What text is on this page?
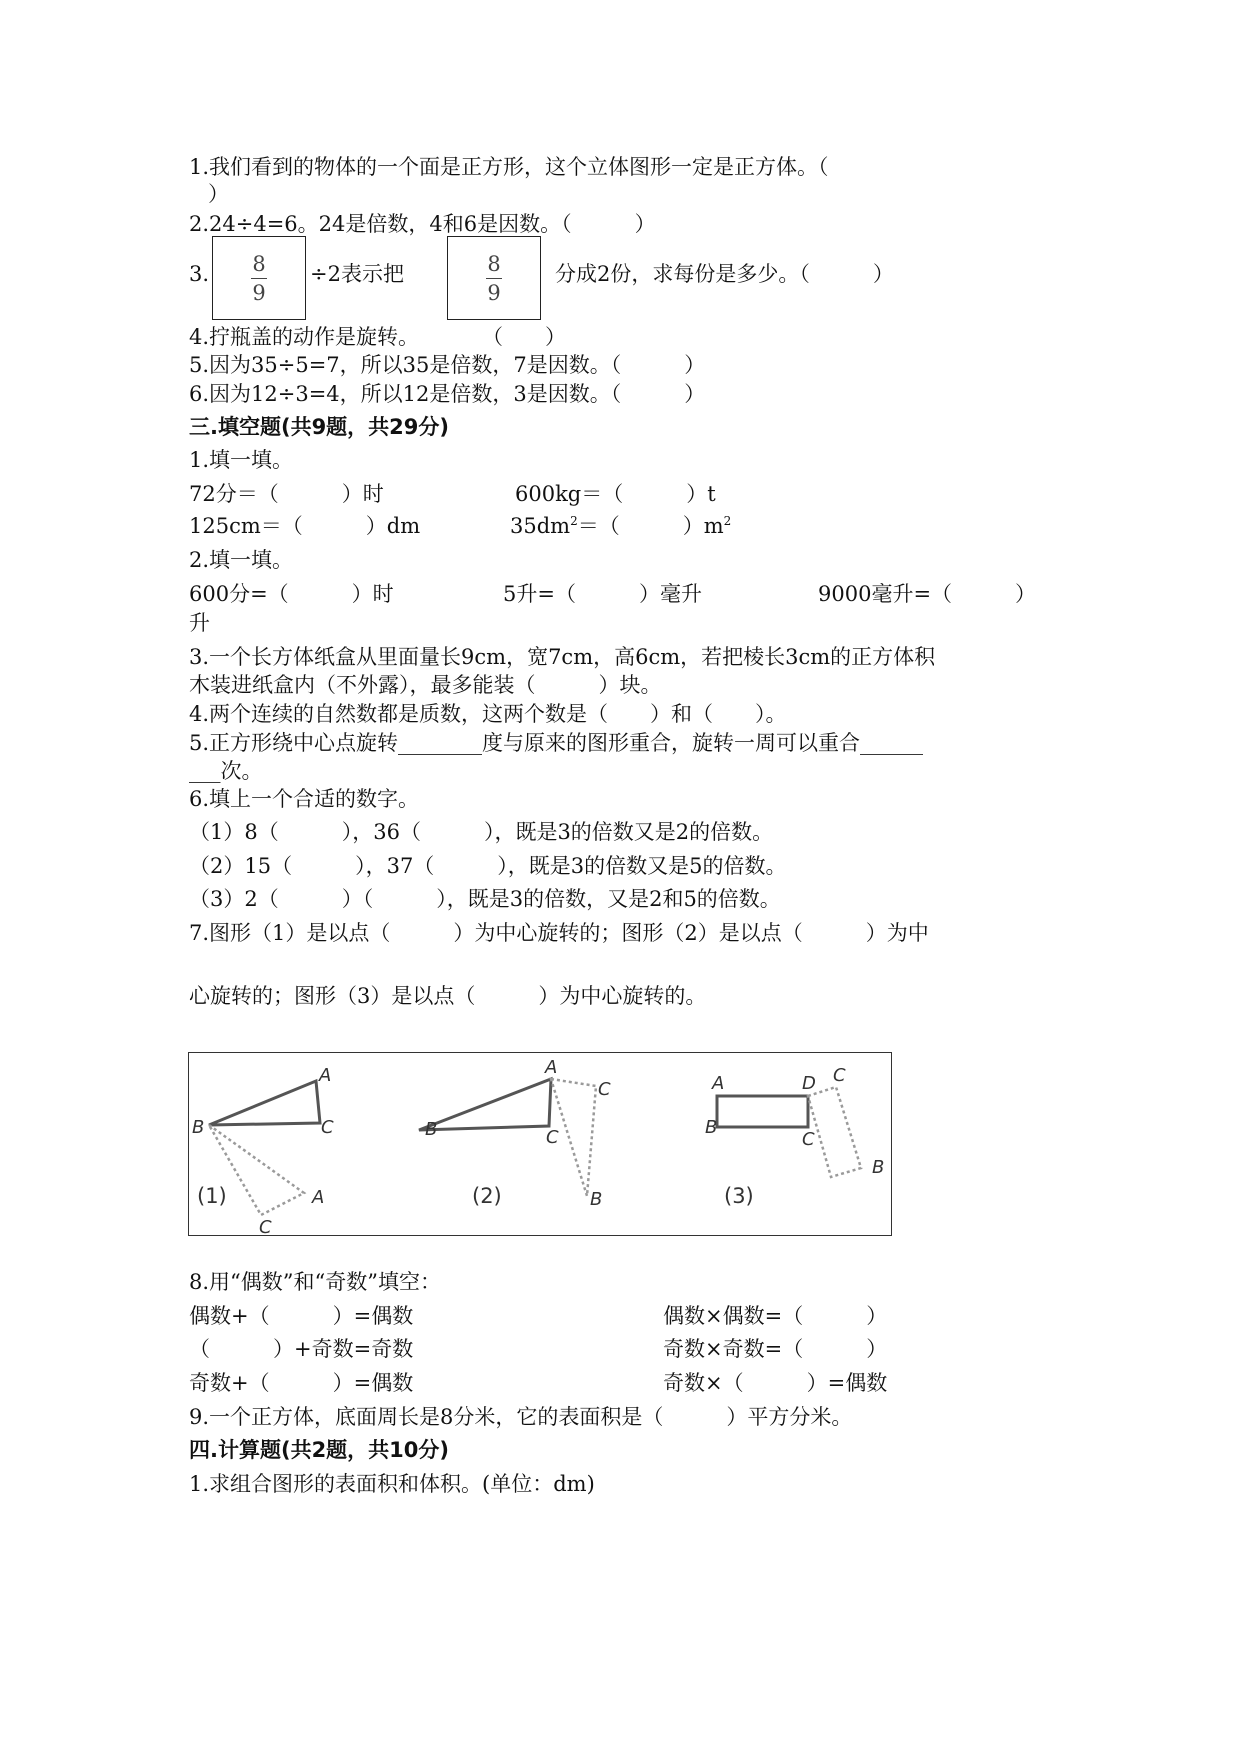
1.我们看到的物体的一个面是正方形，这个立体图形一定是正方体。（
）
2.24÷4=6。24是倍数，4和6是因数。（　　　）
3. $\frac{8}{9} \div 2$表示把	$\frac{8}{9}$	分成2份，求每份是多少。（　　　）
4.拧瓶盖的动作是旋转。　　　　（　　）
5.因为35÷5=7，所以35是倍数，7是因数。（　　　）
6.因为12÷3=4，所以12是倍数，3是因数。（　　　）
三.填空题(共9题，共29分)
1.填一填。
72分＝（　　　）时	600kg＝（　　　）t
125cm＝（　　　）dm	$35dm^2=$（　　　）$m^2$
2.填一填。
600分=（　　　）时	5升=（　　　）毫升	9000毫升=（　　　）
升
3.一个长方体纸盒从里面量长9cm，宽7cm，高6cm，若把棱长3cm的正方体积
木装进纸盒内（不外露），最多能装（　　　）块。
4.两个连续的自然数都是质数，这两个数是（　　）和（　　）。
5.正方形绕中心点旋转________度与原来的图形重合，旋转一周可以重合______
___次。
6.填上一个合适的数字。
（1）8（　　　），36（　　　），既是3的倍数又是2的倍数。
（2）15（　　　），37（　　　），既是3的倍数又是5的倍数。
（3）2（　　　）（　　　），既是3的倍数，又是2和5的倍数。
7.图形（1）是以点（　　　）为中心旋转的；图形（2）是以点（　　　）为中
心旋转的；图形（3）是以点（　　　）为中心旋转的。
A
B	C
A
C
(1)
A
B	C
C
B
(2)
A
B
C
D C
B
(3)
8.用“偶数”和“奇数”填空：
偶数+（　　　）=偶数	偶数×偶数=（　　　）
（　　　）+奇数=奇数	奇数×奇数=（　　　）
奇数+（　　　）=偶数	奇数×（　　　）=偶数
9.一个正方体，底面周长是8分米，它的表面积是（　　　）平方分米。
四.计算题(共2题，共10分)
1.求组合图形的表面积和体积。(单位：dm)
